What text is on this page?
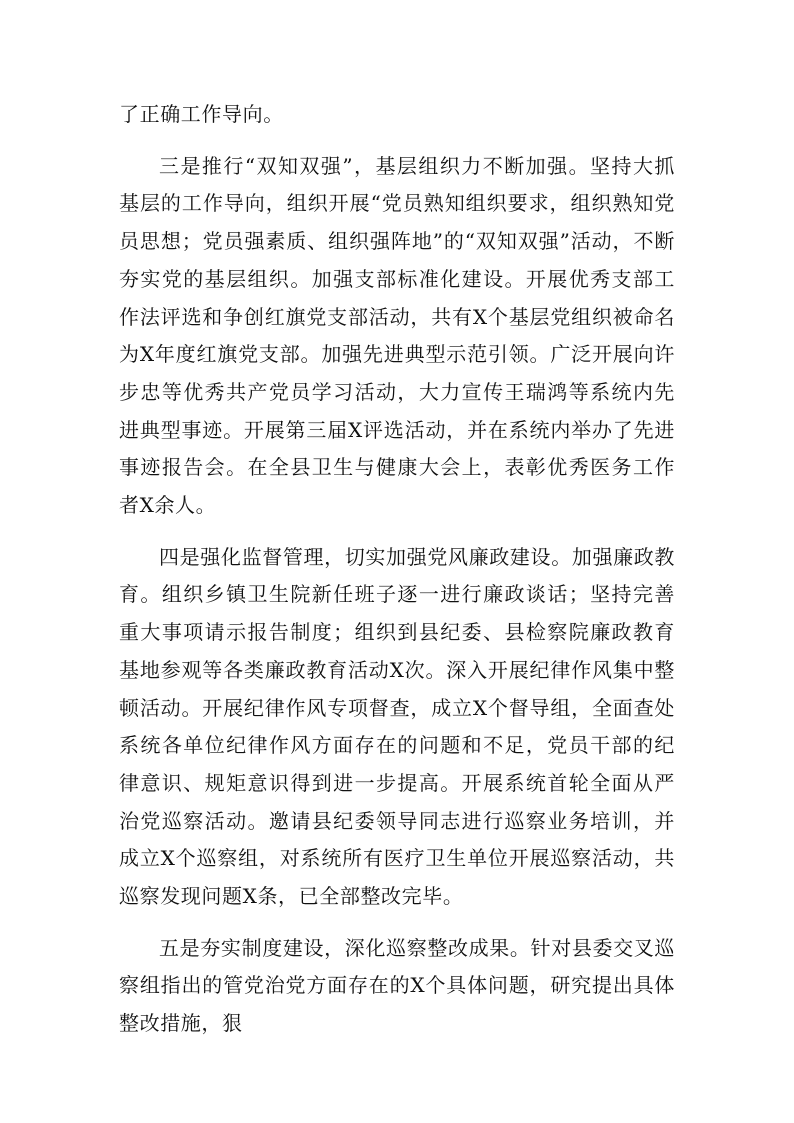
了正确工作导向。

三是推行“双知双强”，基层组织力不断加强。坚持大抓基层的工作导向，组织开展“党员熟知组织要求，组织熟知党员思想；党员强素质、组织强阵地”的“双知双强”活动，不断夯实党的基层组织。加强支部标准化建设。开展优秀支部工作法评选和争创红旗党支部活动，共有X个基层党组织被命名为X年度红旗党支部。加强先进典型示范引领。广泛开展向许步忠等优秀共产党员学习活动，大力宣传王瑞鸿等系统内先进典型事迹。开展第三届X评选活动，并在系统内举办了先进事迹报告会。在全县卫生与健康大会上，表彰优秀医务工作者X余人。

四是强化监督管理，切实加强党风廉政建设。加强廉政教育。组织乡镇卫生院新任班子逐一进行廉政谈话；坚持完善重大事项请示报告制度；组织到县纪委、县检察院廉政教育基地参观等各类廉政教育活动X次。深入开展纪律作风集中整顿活动。开展纪律作风专项督查，成立X个督导组，全面查处系统各单位纪律作风方面存在的问题和不足，党员干部的纪律意识、规矩意识得到进一步提高。开展系统首轮全面从严治党巡察活动。邀请县纪委领导同志进行巡察业务培训，并成立X个巡察组，对系统所有医疗卫生单位开展巡察活动，共巡察发现问题X条，已全部整改完毕。

五是夯实制度建设，深化巡察整改成果。针对县委交叉巡察组指出的管党治党方面存在的X个具体问题，研究提出具体整改措施，狠
